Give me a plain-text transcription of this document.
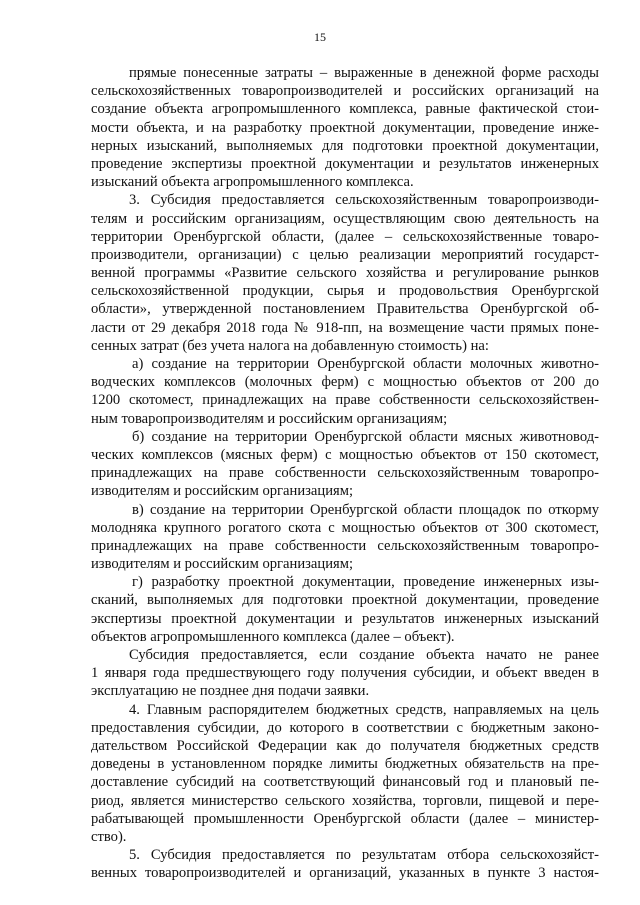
15
прямые понесенные затраты – выраженные в денежной форме расходы
сельскохозяйственных товаропроизводителей и российских организаций на
создание объекта агропромышленного комплекса, равные фактической стои-
мости объекта, и на разработку проектной документации, проведение инже-
нерных изысканий, выполняемых для подготовки проектной документации,
проведение экспертизы проектной документации и результатов инженерных
изысканий объекта агропромышленного комплекса.
3. Субсидия предоставляется сельскохозяйственным товаропроизводи-
телям и российским организациям, осуществляющим свою деятельность на
территории Оренбургской области, (далее – сельскохозяйственные товаро-
производители, организации) с целью реализации мероприятий государст-
венной программы «Развитие сельского хозяйства и регулирование рынков
сельскохозяйственной продукции, сырья и продовольствия Оренбургской
области», утвержденной постановлением Правительства Оренбургской об-
ласти от 29 декабря 2018 года № 918-пп, на возмещение части прямых поне-
сенных затрат (без учета налога на добавленную стоимость) на:
а) создание на территории Оренбургской области молочных животно-
водческих комплексов (молочных ферм) с мощностью объектов от 200 до
1200 скотомест, принадлежащих на праве собственности сельскохозяйствен-
ным товаропроизводителям и российским организациям;
б) создание на территории Оренбургской области мясных животновод-
ческих комплексов (мясных ферм) с мощностью объектов от 150 скотомест,
принадлежащих на праве собственности сельскохозяйственным товаропро-
изводителям и российским организациям;
в) создание на территории Оренбургской области площадок по откорму
молодняка крупного рогатого скота с мощностью объектов от 300 скотомест,
принадлежащих на праве собственности сельскохозяйственным товаропро-
изводителям и российским организациям;
г) разработку проектной документации, проведение инженерных изы-
сканий, выполняемых для подготовки проектной документации, проведение
экспертизы проектной документации и результатов инженерных изысканий
объектов агропромышленного комплекса (далее – объект).
Субсидия предоставляется, если создание объекта начато не ранее
1 января года предшествующего году получения субсидии, и объект введен в
эксплуатацию не позднее дня подачи заявки.
4. Главным распорядителем бюджетных средств, направляемых на цель
предоставления субсидии, до которого в соответствии с бюджетным законо-
дательством Российской Федерации как до получателя бюджетных средств
доведены в установленном порядке лимиты бюджетных обязательств на пре-
доставление субсидий на соответствующий финансовый год и плановый пе-
риод, является министерство сельского хозяйства, торговли, пищевой и пере-
рабатывающей промышленности Оренбургской области (далее – министер-
ство).
5. Субсидия предоставляется по результатам отбора сельскохозяйст-
венных товаропроизводителей и организаций, указанных в пункте 3 настоя-
